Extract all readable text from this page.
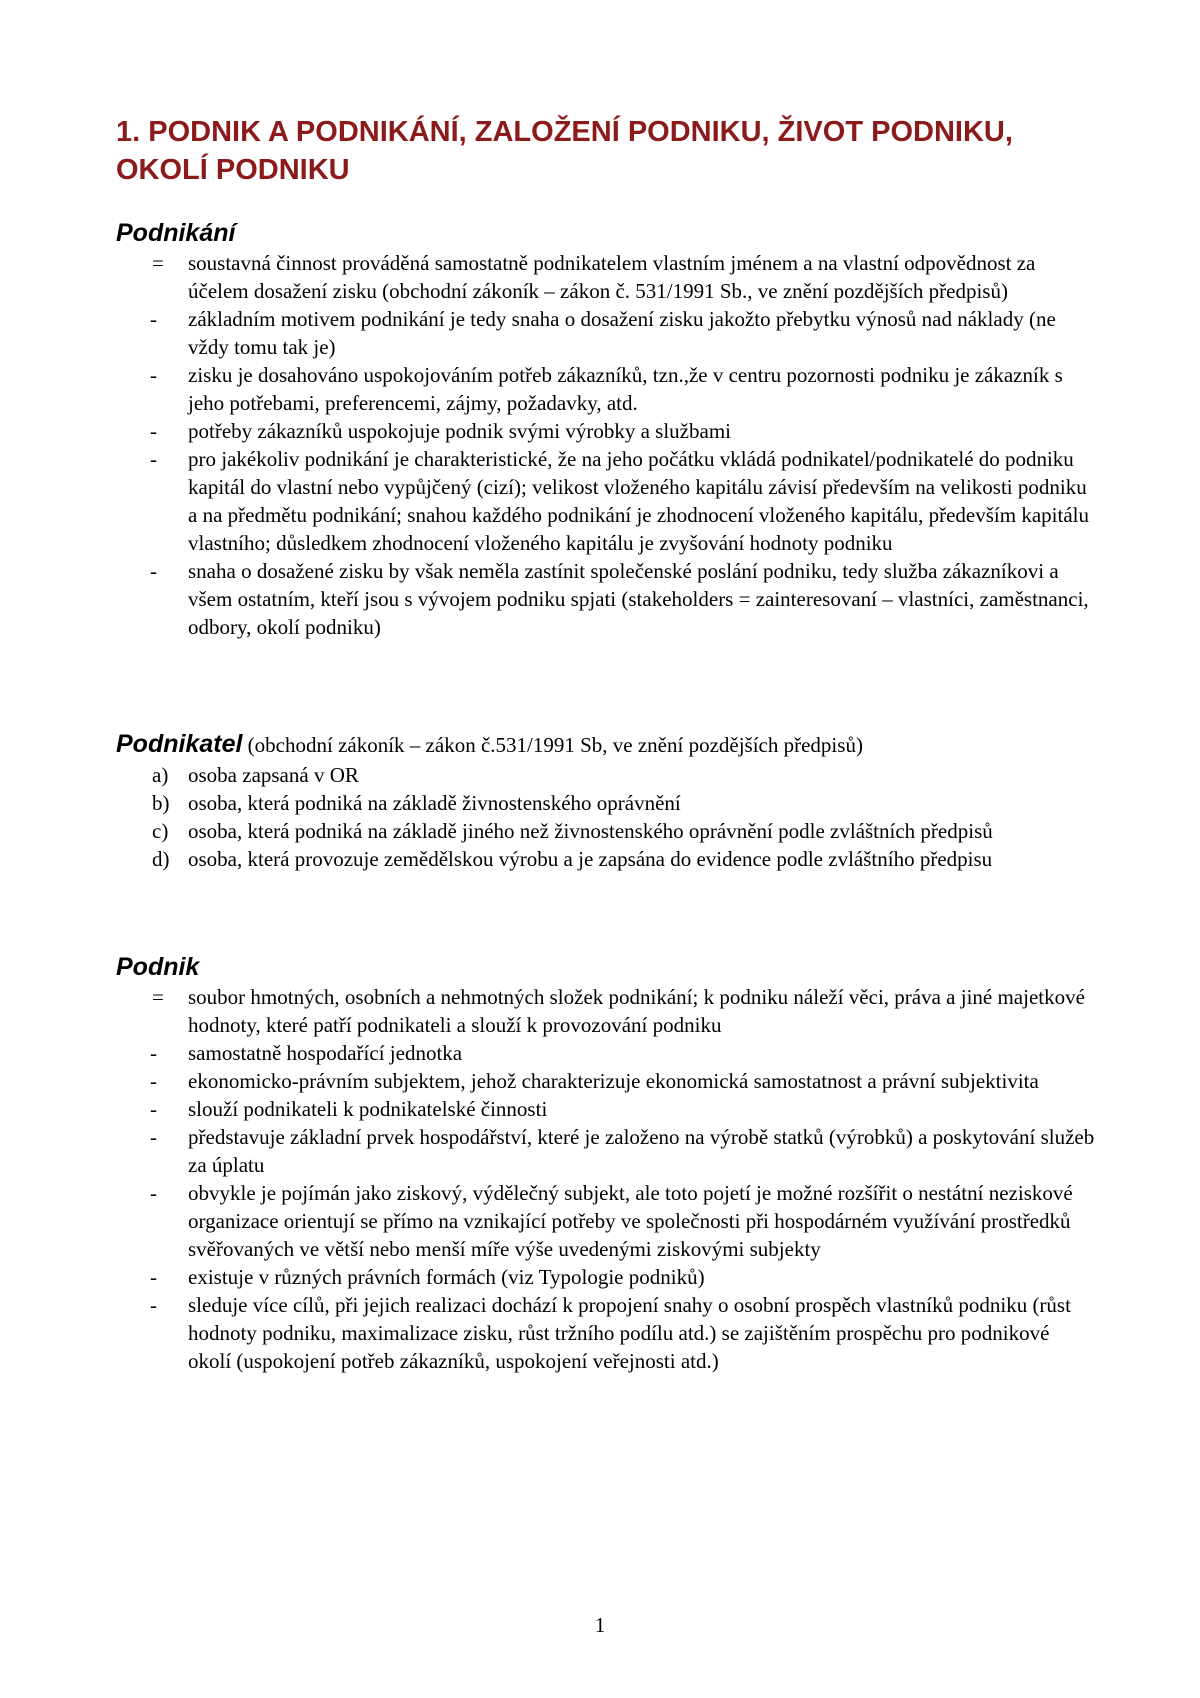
1. PODNIK A PODNIKÁNÍ, ZALOŽENÍ PODNIKU, ŽIVOT PODNIKU, OKOLÍ PODNIKU
Podnikání
=	soustavná činnost prováděná samostatně podnikatelem vlastním jménem a na vlastní odpovědnost za účelem dosažení zisku (obchodní zákoník – zákon č. 531/1991 Sb., ve znění pozdějších předpisů)
-	základním motivem podnikání je tedy snaha o dosažení zisku jakožto přebytku výnosů nad náklady (ne vždy tomu tak je)
-	zisku je dosahováno uspokojováním potřeb zákazníků, tzn.,že v centru pozornosti podniku je zákazník s jeho potřebami, preferencemi, zájmy, požadavky, atd.
-	potřeby zákazníků uspokojuje podnik svými výrobky a službami
-	pro jakékoliv podnikání je charakteristické, že na jeho počátku vkládá podnikatel/podnikatelé do podniku kapitál do vlastní nebo vypůjčený (cizí); velikost vloženého kapitálu závisí především na velikosti podniku a na předmětu podnikání; snahou každého podnikání je zhodnocení vloženého kapitálu, především kapitálu vlastního; důsledkem zhodnocení vloženého kapitálu je zvyšování hodnoty podniku
-	snaha o dosažené zisku by však neměla zastínit společenské poslání podniku, tedy služba zákazníkovi a všem ostatním, kteří jsou s vývojem podniku spjati (stakeholders = zainteresovaní – vlastníci, zaměstnanci, odbory, okolí podniku)
Podnikatel (obchodní zákoník – zákon č.531/1991 Sb, ve znění pozdějších předpisů)
a) osoba zapsaná v OR
b) osoba, která podniká na základě živnostenského oprávnění
c) osoba, která podniká na základě jiného než živnostenského oprávnění podle zvláštních předpisů
d) osoba, která provozuje zemědělskou výrobu a je zapsána do evidence podle zvláštního předpisu
Podnik
=	soubor hmotných, osobních a nehmotných složek podnikání; k podniku náleží věci, práva a jiné majetkové hodnoty, které patří podnikateli a slouží k provozování podniku
-	samostatně hospodařící jednotka
-	ekonomicko-právním subjektem, jehož charakterizuje ekonomická samostatnost a právní subjektivita
-	slouží podnikateli k podnikatelské činnosti
-	představuje základní prvek hospodářství, které je založeno na výrobě statků (výrobků) a poskytování služeb za úplatu
-	obvykle je pojímán jako ziskový, výdělečný subjekt, ale toto pojetí je možné rozšířit o nestátní neziskové organizace orientují se přímo na vznikající potřeby ve společnosti při hospodárném využívání prostředků svěřovaných ve větší nebo menší míře výše uvedenými ziskovými subjekty
-	existuje v různých právních formách (viz Typologie podniků)
-	sleduje více cílů, při jejich realizaci dochází k propojení snahy o osobní prospěch vlastníků podniku (růst hodnoty podniku, maximalizace zisku, růst tržního podílu atd.) se zajištěním prospěchu pro podnikové okolí (uspokojení potřeb zákazníků, uspokojení veřejnosti atd.)
1
